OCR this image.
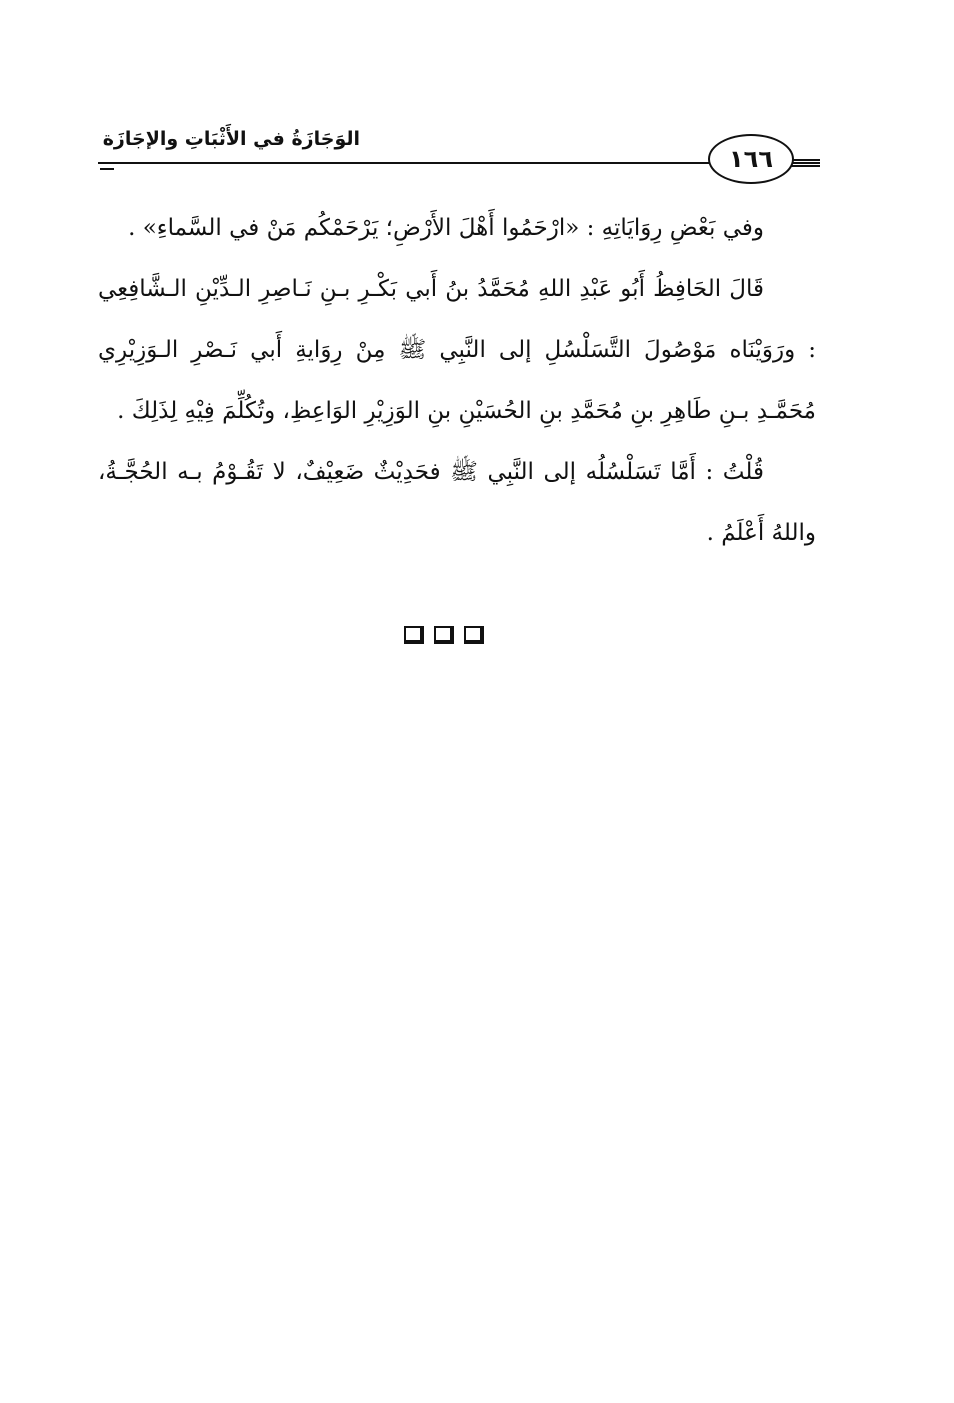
الوَجَازَةُ في الأَثْبَاتِ والإجَازَة
١٦٦

وفي بَعْضِ رِوَايَاتِهِ : «ارْحَمُوا أَهْلَ الأَرْضِ؛ يَرْحَمْكُم مَنْ في السَّماءِ» .

قَالَ الحَافِظُ أَبُو عَبْدِ اللهِ مُحَمَّدُ بنُ أَبي بَكْـرِ بـنِ نَـاصِرِ الـدِّيْنِ الـشَّافِعِي : ورَوَيْنَاه مَوْصُولَ التَّسَلْسُلِ إلى النَّبِي ﷺ مِنْ رِوَايةِ أَبي نَـصْرِ الـوَزِيْرِي مُحَمَّـدِ بـنِ طَاهِرِ بنِ مُحَمَّدِ بنِ الحُسَيْنِ بنِ الوَزِيْرِ الوَاعِظِ، وتُكُلِّمَ فِيْهِ لِذَلِكَ .

قُلْتُ : أَمَّا تَسَلْسُلُه إلى النَّبِي ﷺ فحَدِيْثٌ ضَعِيْفٌ، لا تَقُـوْمُ بـه الحُجَّـةُ، واللهُ أَعْلَمُ .
